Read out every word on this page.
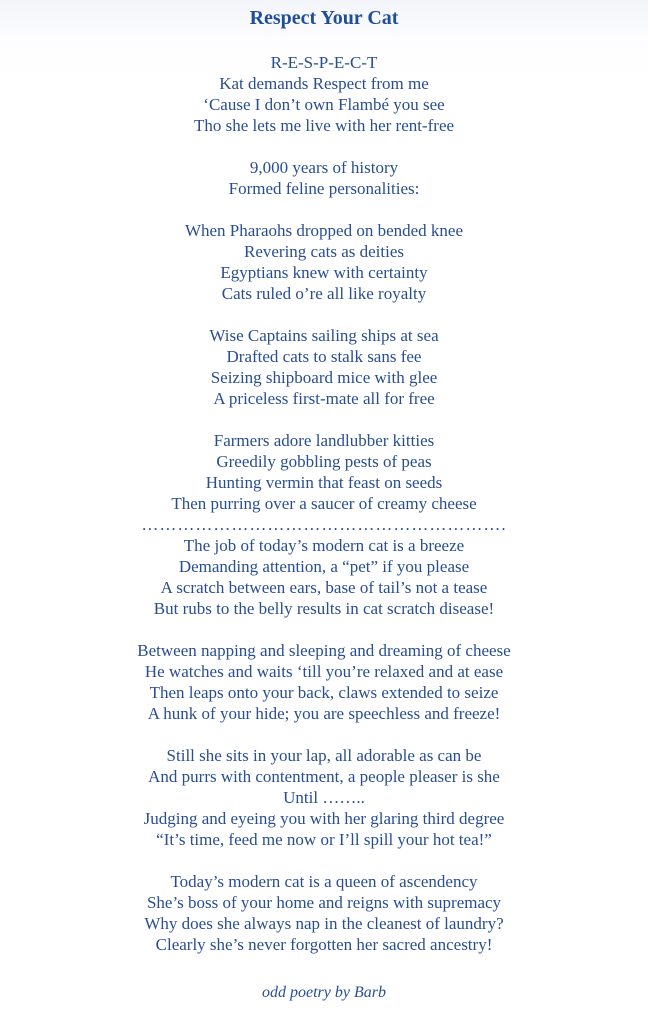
Respect Your Cat
R-E-S-P-E-C-T
Kat demands Respect from me
‘Cause I don’t own Flambé you see
Tho she lets me live with her rent-free
9,000 years of history
Formed feline personalities:
When Pharaohs dropped on bended knee
Revering cats as deities
Egyptians knew with certainty
Cats ruled o’re all like royalty
Wise Captains sailing ships at sea
Drafted cats to stalk sans fee
Seizing shipboard mice with glee
A priceless first-mate all for free
Farmers adore landlubber kitties
Greedily gobbling pests of peas
Hunting vermin that feast on seeds
Then purring over a saucer of creamy cheese
…………………………………………………….
The job of today’s modern cat is a breeze
Demanding attention, a “pet” if you please
A scratch between ears, base of tail’s not a tease
But rubs to the belly results in cat scratch disease!
Between napping and sleeping and dreaming of cheese
He watches and waits ‘till you’re relaxed and at ease
Then leaps onto your back, claws extended to seize
A hunk of your hide; you are speechless and freeze!
Still she sits in your lap, all adorable as can be
And purrs with contentment, a people pleaser is she
Until ……..
Judging and eyeing you with her glaring third degree
“It’s time, feed me now or I’ll spill your hot tea!”
Today’s modern cat is a queen of ascendency
She’s boss of your home and reigns with supremacy
Why does she always nap in the cleanest of laundry?
Clearly she’s never forgotten her sacred ancestry!
odd poetry by Barb
